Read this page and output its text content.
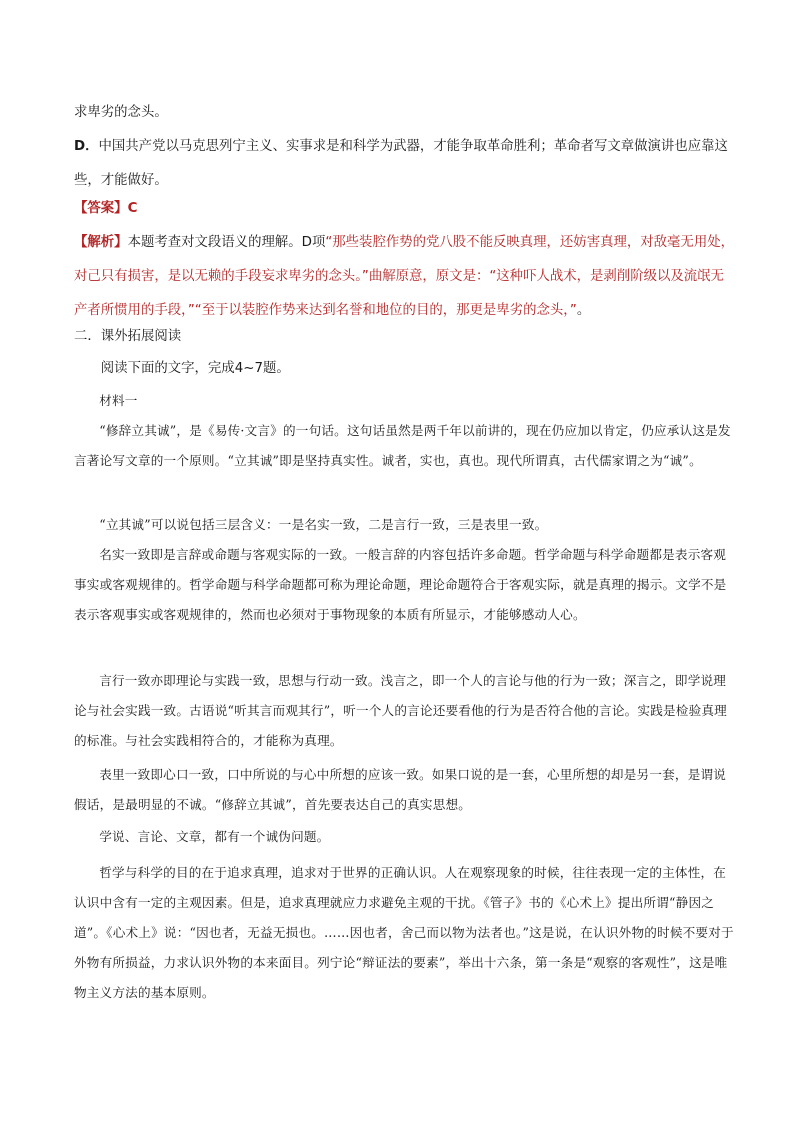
求卑劣的念头。

D．中国共产党以马克思列宁主义、实事求是和科学为武器，才能争取革命胜利；革命者写文章做演讲也应靠这些，才能做好。

【答案】C

【解析】本题考查对文段语义的理解。D项“那些装腔作势的党八股不能反映真理，还妨害真理，对敌毫无用处，对己只有损害，是以无赖的手段妄求卑劣的念头。”曲解原意，原文是：“这种吓人战术，是剥削阶级以及流氓无产者所惯用的手段，”“至于以装腔作势来达到名誉和地位的目的，那更是卑劣的念头，”。

二．课外拓展阅读

阅读下面的文字，完成4~7题。

材料一

“修辞立其诚”，是《易传·文言》的一句话。这句话虽然是两千年以前讲的，现在仍应加以肯定，仍应承认这是发言著论写文章的一个原则。“立其诚”即是坚持真实性。诚者，实也，真也。现代所谓真，古代儒家谓之为“诚”。

“立其诚”可以说包括三层含义：一是名实一致，二是言行一致，三是表里一致。

名实一致即是言辞或命题与客观实际的一致。一般言辞的内容包括许多命题。哲学命题与科学命题都是表示客观事实或客观规律的。哲学命题与科学命题都可称为理论命题，理论命题符合于客观实际，就是真理的揭示。文学不是表示客观事实或客观规律的，然而也必须对于事物现象的本质有所显示，才能够感动人心。

言行一致亦即理论与实践一致，思想与行动一致。浅言之，即一个人的言论与他的行为一致；深言之，即学说理论与社会实践一致。古语说“听其言而观其行”，听一个人的言论还要看他的行为是否符合他的言论。实践是检验真理的标准。与社会实践相符合的，才能称为真理。

表里一致即心口一致，口中所说的与心中所想的应该一致。如果口说的是一套，心里所想的却是另一套，是谓说假话，是最明显的不诚。“修辞立其诚”，首先要表达自己的真实思想。

学说、言论、文章，都有一个诚伪问题。

哲学与科学的目的在于追求真理，追求对于世界的正确认识。人在观察现象的时候，往往表现一定的主体性，在认识中含有一定的主观因素。但是，追求真理就应力求避免主观的干扰。《管子》书的《心术上》提出所谓“静因之道”。《心术上》说：“因也者，无益无损也。……因也者，舍己而以物为法者也。”这是说，在认识外物的时候不要对于外物有所损益，力求认识外物的本来面目。列宁论“辩证法的要素”，举出十六条，第一条是“观察的客观性”，这是唯物主义方法的基本原则。
